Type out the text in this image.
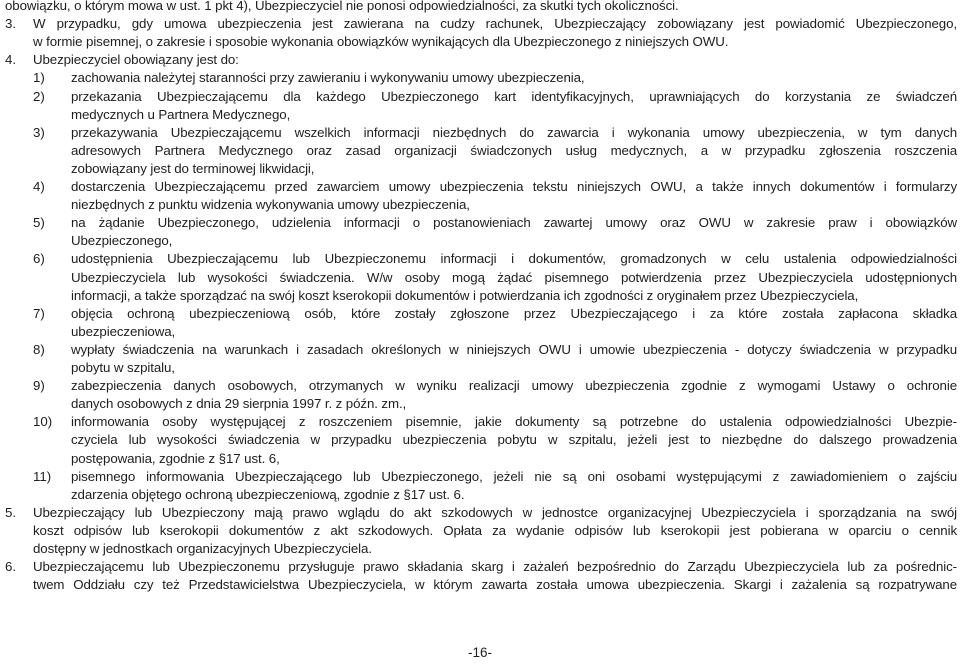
obowiązku, o którym mowa w ust. 1 pkt 4), Ubezpieczyciel nie ponosi odpowiedzialności, za skutki tych okoliczności.
3. W przypadku, gdy umowa ubezpieczenia jest zawierana na cudzy rachunek, Ubezpieczający zobowiązany jest powiadomić Ubezpieczonego,
w formie pisemnej, o zakresie i sposobie wykonania obowiązków wynikających dla Ubezpieczonego z niniejszych OWU.
4. Ubezpieczyciel obowiązany jest do:
1) zachowania należytej staranności przy zawieraniu i wykonywaniu umowy ubezpieczenia,
2) przekazania Ubezpieczającemu dla każdego Ubezpieczonego kart identyfikacyjnych, uprawniających do korzystania ze świadczeń
medycznych u Partnera Medycznego,
3) przekazywania Ubezpieczającemu wszelkich informacji niezbędnych do zawarcia i wykonania umowy ubezpieczenia, w tym danych
adresowych Partnera Medycznego oraz zasad organizacji świadczonych usług medycznych, a w przypadku zgłoszenia roszczenia
zobowiązany jest do terminowej likwidacji,
4) dostarczenia Ubezpieczającemu przed zawarciem umowy ubezpieczenia tekstu niniejszych OWU, a także innych dokumentów i formularzy
niezbędnych z punktu widzenia wykonywania umowy ubezpieczenia,
5) na żądanie Ubezpieczonego, udzielenia informacji o postanowieniach zawartej umowy oraz OWU w zakresie praw i obowiązków
Ubezpieczonego,
6) udostępnienia Ubezpieczającemu lub Ubezpieczonemu informacji i dokumentów, gromadzonych w celu ustalenia odpowiedzialności
Ubezpieczyciela lub wysokości świadczenia. W/w osoby mogą żądać pisemnego potwierdzenia przez Ubezpieczyciela udostępnionych
informacji, a także sporządzać na swój koszt kserokopii dokumentów i potwierdzania ich zgodności z oryginałem przez Ubezpieczyciela,
7) objęcia ochroną ubezpieczeniową osób, które zostały zgłoszone przez Ubezpieczającego i za które została zapłacona składka
ubezpieczeniowa,
8) wypłaty świadczenia na warunkach i zasadach określonych w niniejszych OWU i umowie ubezpieczenia - dotyczy świadczenia w przypadku
pobytu w szpitalu,
9) zabezpieczenia danych osobowych, otrzymanych w wyniku realizacji umowy ubezpieczenia zgodnie z wymogami Ustawy o ochronie
danych osobowych z dnia 29 sierpnia 1997 r. z późn. zm.,
10) informowania osoby występującej z roszczeniem pisemnie, jakie dokumenty są potrzebne do ustalenia odpowiedzialności Ubezpie-
czyciela lub wysokości świadczenia w przypadku ubezpieczenia pobytu w szpitalu, jeżeli jest to niezbędne do dalszego prowadzenia
postępowania, zgodnie z §17 ust. 6,
11) pisemnego informowania Ubezpieczającego lub Ubezpieczonego, jeżeli nie są oni osobami występującymi z zawiadomieniem o zajściu
zdarzenia objętego ochroną ubezpieczeniową, zgodnie z §17 ust. 6.
5. Ubezpieczający lub Ubezpieczony mają prawo wglądu do akt szkodowych w jednostce organizacyjnej Ubezpieczyciela i sporządzania na swój
koszt odpisów lub kserokopii dokumentów z akt szkodowych. Opłata za wydanie odpisów lub kserokopii jest pobierana w oparciu o cennik
dostępny w jednostkach organizacyjnych Ubezpieczyciela.
6. Ubezpieczającemu lub Ubezpieczonemu przysługuje prawo składania skarg i zażaleń bezpośrednio do Zarządu Ubezpieczyciela lub za pośrednic-
twem Oddziału czy też Przedstawicielstwa Ubezpieczyciela, w którym zawarta została umowa ubezpieczenia. Skargi i zażalenia są rozpatrywane
-16-
